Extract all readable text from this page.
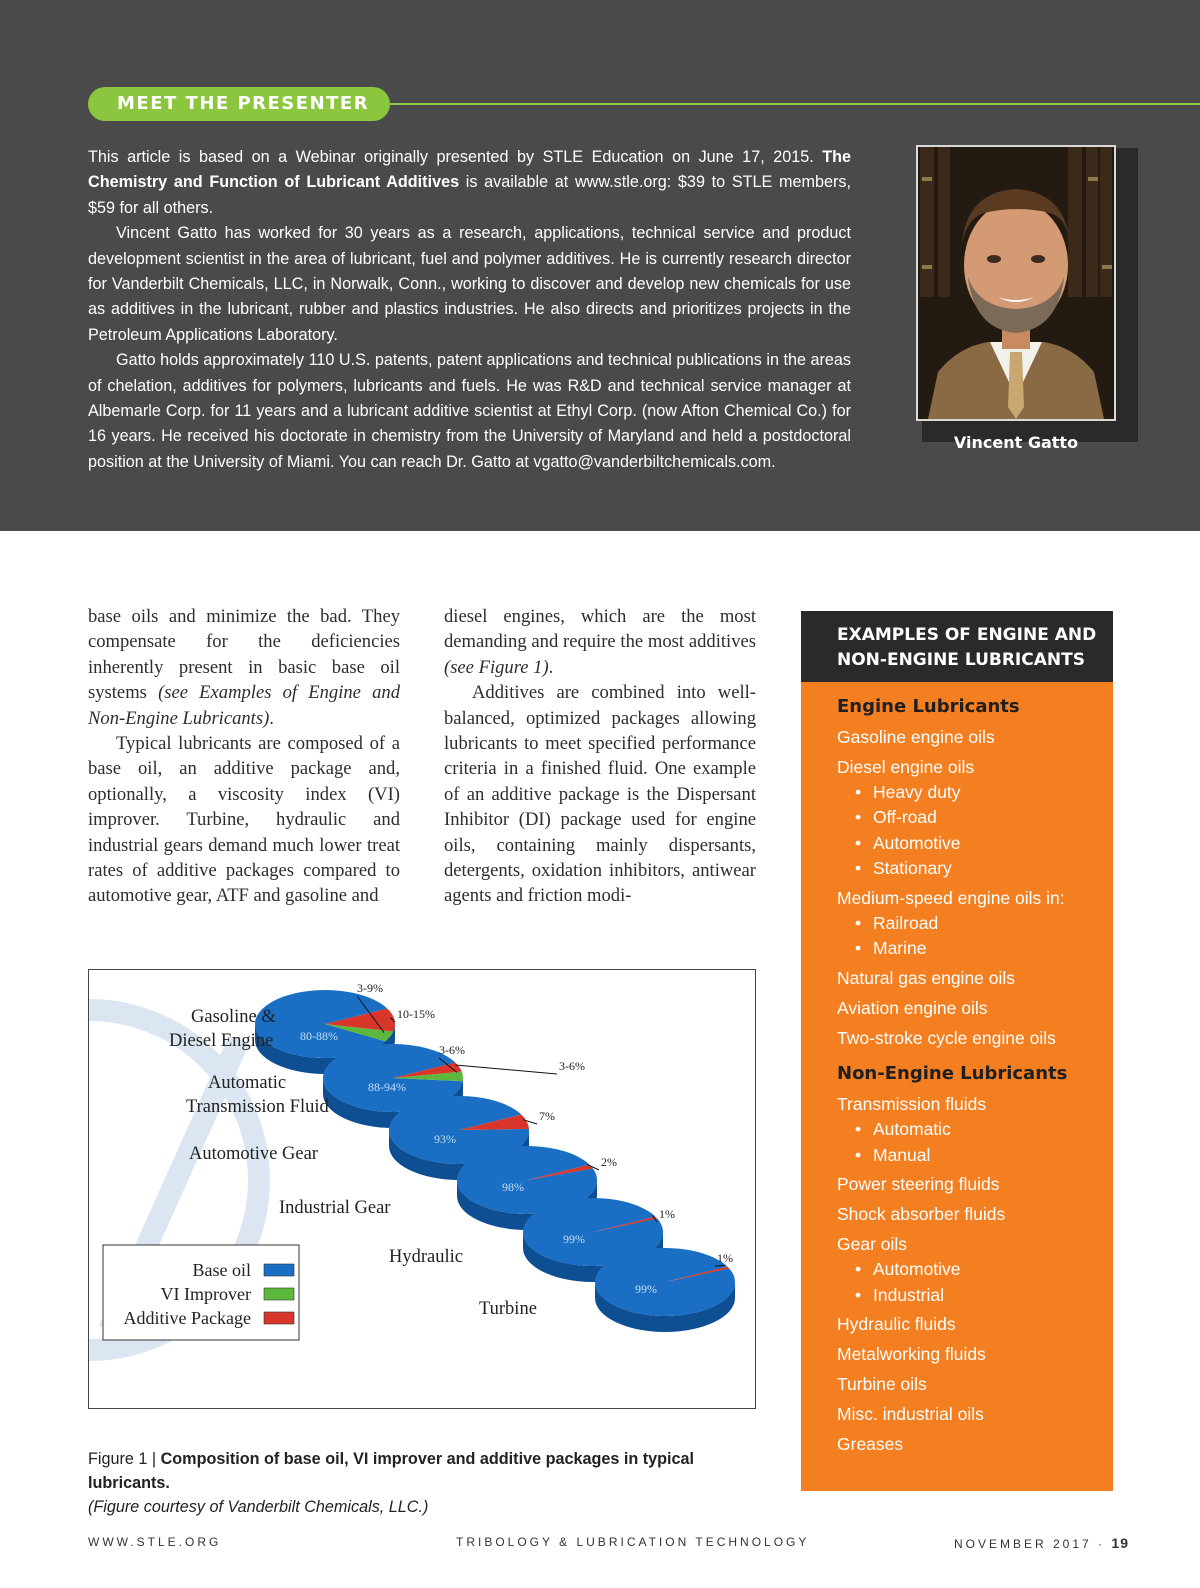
MEET THE PRESENTER

This article is based on a Webinar originally presented by STLE Education on June 17, 2015. The Chemistry and Function of Lubricant Additives is available at www.stle.org: $39 to STLE members, $59 for all others.

Vincent Gatto has worked for 30 years as a research, applications, technical service and product development scientist in the area of lubricant, fuel and polymer additives. He is currently research director for Vanderbilt Chemicals, LLC, in Norwalk, Conn., working to discover and develop new chemicals for use as additives in the lubricant, rubber and plastics industries. He also directs and prioritizes projects in the Petroleum Applications Laboratory.

Gatto holds approximately 110 U.S. patents, patent applications and technical publications in the areas of chelation, additives for polymers, lubricants and fuels. He was R&D and technical service manager at Albemarle Corp. for 11 years and a lubricant additive scientist at Ethyl Corp. (now Afton Chemical Co.) for 16 years. He received his doctorate in chemistry from the University of Maryland and held a postdoctoral position at the University of Miami. You can reach Dr. Gatto at vgatto@vanderbiltchemicals.com.

Vincent Gatto

base oils and minimize the bad. They compensate for the deficiencies inherently present in basic base oil systems (see Examples of Engine and Non-Engine Lubricants).

Typical lubricants are composed of a base oil, an additive package and, optionally, a viscosity index (VI) improver. Turbine, hydraulic and industrial gears demand much lower treat rates of additive packages compared to automotive gear, ATF and gasoline and

diesel engines, which are the most demanding and require the most additives (see Figure 1).

Additives are combined into well-balanced, optimized packages allowing lubricants to meet specified performance criteria in a finished fluid. One example of an additive package is the Dispersant Inhibitor (DI) package used for engine oils, containing mainly dispersants, detergents, oxidation inhibitors, antiwear agents and friction modi-

80-88%
10-15%
3-9%
Gasoline &
Diesel Engine
88-94%
3-6%
3-6%
Automatic
Transmission Fluid
93%
7%
Automotive Gear
98%
2%
Industrial Gear
99%
1%
Hydraulic
99%
1%
Turbine
Base oil
VI Improver
Additive Package
Figure 1 | Composition of base oil, VI improver and additive packages in typical lubricants.
(Figure courtesy of Vanderbilt Chemicals, LLC.)
EXAMPLES OF ENGINE AND
NON-ENGINE LUBRICANTS
Engine Lubricants
Gasoline engine oils
Diesel engine oils
• Heavy duty
• Off-road
• Automotive
• Stationary
Medium-speed engine oils in:
• Railroad
• Marine
Natural gas engine oils
Aviation engine oils
Two-stroke cycle engine oils
Non-Engine Lubricants
Transmission fluids
• Automatic
• Manual
Power steering fluids
Shock absorber fluids
Gear oils
• Automotive
• Industrial
Hydraulic fluids
Metalworking fluids
Turbine oils
Misc. industrial oils
Greases
WWW.STLE.ORG	TRIBOLOGY & LUBRICATION TECHNOLOGY	NOVEMBER 2017 · 19
